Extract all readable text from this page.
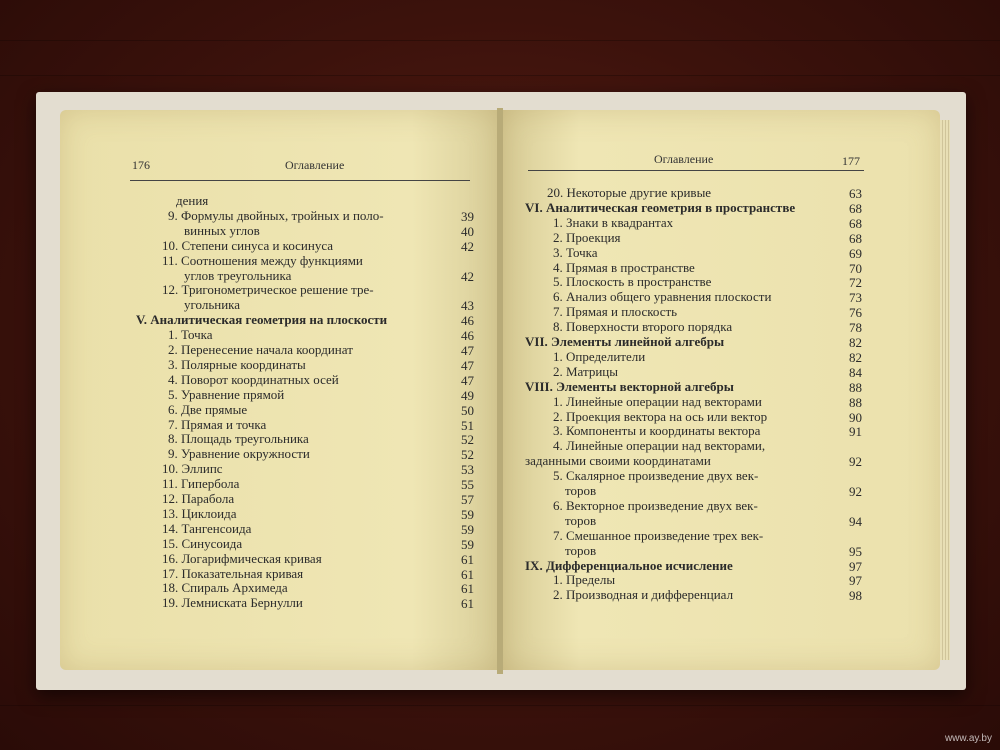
176	Оглавление	Оглавление	177
дения
9. Формулы двойных, тройных и поло-	39
винных углов	40
10. Степени синуса и косинуса	42
11. Соотношения между функциями
углов треугольника	42
12. Тригонометрическое решение тре-
угольника	43
V. Аналитическая геометрия на плоскости	46
1. Точка	46
2. Перенесение начала координат	47
3. Полярные координаты	47
4. Поворот координатных осей	47
5. Уравнение прямой	49
6. Две прямые	50
7. Прямая и точка	51
8. Площадь треугольника	52
9. Уравнение окружности	52
10. Эллипс	53
11. Гипербола	55
12. Парабола	57
13. Циклоида	59
14. Тангенсоида	59
15. Синусоида	59
16. Логарифмическая кривая	61
17. Показательная кривая	61
18. Спираль Архимеда	61
19. Лемниската Бернулли	61
20. Некоторые другие кривые	63
VI. Аналитическая геометрия в пространстве	68
1. Знаки в квадрантах	68
2. Проекция	68
3. Точка	69
4. Прямая в пространстве	70
5. Плоскость в пространстве	72
6. Анализ общего уравнения плоскости	73
7. Прямая и плоскость	76
8. Поверхности второго порядка	78
VII. Элементы линейной алгебры	82
1. Определители	82
2. Матрицы	84
VIII. Элементы векторной алгебры	88
1. Линейные операции над векторами	88
2. Проекция вектора на ось или вектор	90
3. Компоненты и координаты вектора	91
4. Линейные операции над векторами,
заданными своими координатами	92
5. Скалярное произведение двух век-
торов	92
6. Векторное произведение двух век-
торов	94
7. Смешанное произведение трех век-
торов	95
IX. Дифференциальное исчисление	97
1. Пределы	97
2. Производная и дифференциал	98
www.ay.by
